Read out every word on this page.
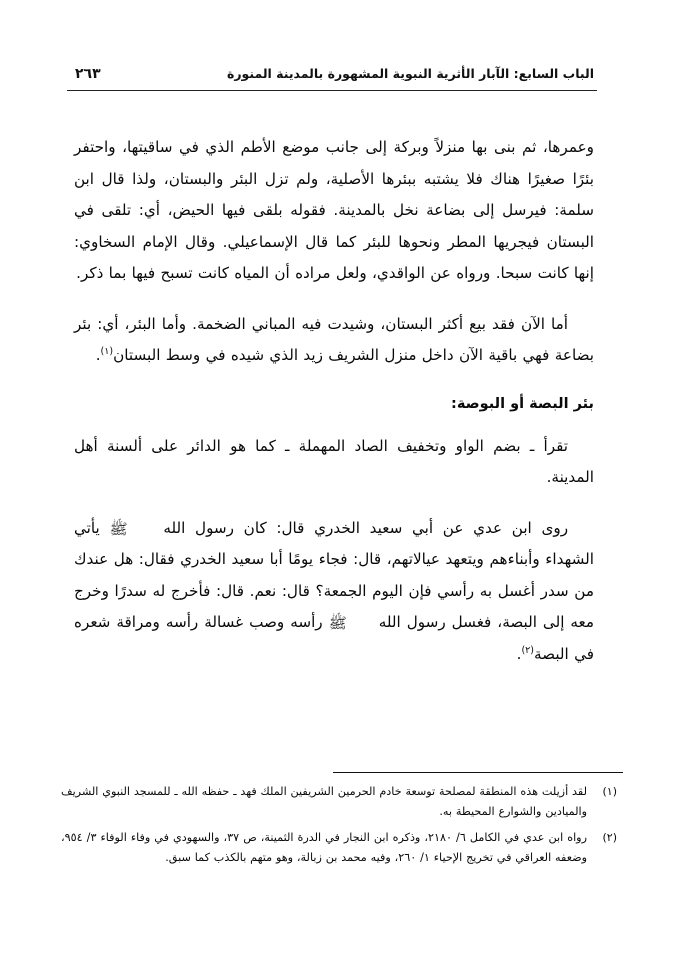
الباب السابع: الآبار الأثرية النبوية المشهورة بالمدينة المنورة
٢٦٣

وعمرها، ثم بنى بها منزلاً وبركة إلى جانب موضع الأطم الذي في ساقيتها، واحتفر بئرًا صغيرًا هناك فلا يشتبه ببئرها الأصلية، ولم تزل البئر والبستان، ولذا قال ابن سلمة: فيرسل إلى بضاعة نخل بالمدينة. فقوله بلقى فيها الحيض، أي: تلقى في البستان فيجريها المطر ونحوها للبئر كما قال الإسماعيلي. وقال الإمام السخاوي: إنها كانت سبحا. ورواه عن الواقدي، ولعل مراده أن المياه كانت تسبح فيها بما ذكر.

أما الآن فقد بيع أكثر البستان، وشيدت فيه المباني الضخمة. وأما البئر، أي: بئر بضاعة فهي باقية الآن داخل منزل الشريف زيد الذي شيده في وسط البستان$^{(١)}$.

بئر البصة أو البوصة:

تقرأ ـ بضم الواو وتخفيف الصاد المهملة ـ كما هو الدائر على ألسنة أهل المدينة.

روى ابن عدي عن أبي سعيد الخدري قال: كان رسول الله ﷺ يأتي الشهداء وأبناءهم ويتعهد عيالاتهم، قال: فجاء يومًا أبا سعيد الخدري فقال: هل عندك من سدر أغسل به رأسي فإن اليوم الجمعة؟ قال: نعم. قال: فأخرج له سدرًا وخرج معه إلى البصة، فغسل رسول الله ﷺ رأسه وصب غسالة رأسه ومراقة شعره في البصة$^{(٢)}$.

(١)
لقد أزيلت هذه المنطقة لمصلحة توسعة خادم الحرمين الشريفين الملك فهد ـ حفظه الله ـ للمسجد النبوي الشريف والميادين والشوارع المحيطة به.
(٢)
رواه ابن عدي في الكامل ٦/ ٢١٨٠، وذكره ابن النجار في الدرة الثمينة، ص ٣٧، والسهودي في وفاء الوفاء ٣/ ٩٥٤، وضعفه العراقي في تخريج الإحياء ١/ ٢٦٠، وفيه محمد بن زبالة، وهو متهم بالكذب كما سبق.
